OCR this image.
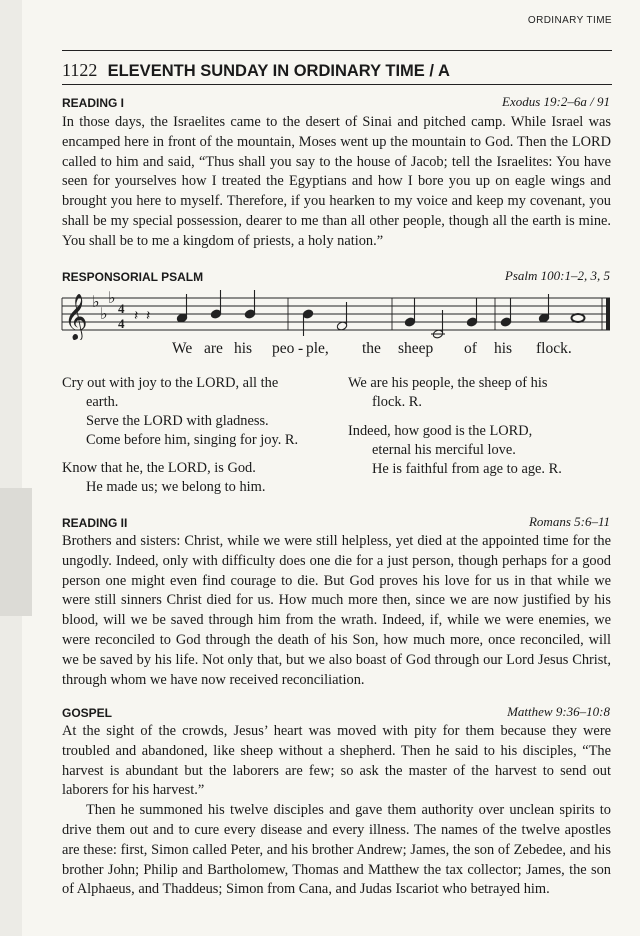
ORDINARY TIME
1122 ELEVENTH SUNDAY IN ORDINARY TIME / A
READING I	Exodus 19:2–6a / 91

In those days, the Israelites came to the desert of Sinai and pitched camp. While Israel was encamped here in front of the mountain, Moses went up the mountain to God. Then the LORD called to him and said, “Thus shall you say to the house of Jacob; tell the Israelites: You have seen for yourselves how I treated the Egyptians and how I bore you up on eagle wings and brought you here to myself. Therefore, if you hearken to my voice and keep my covenant, you shall be my special possession, dearer to me than all other people, though all the earth is mine. You shall be to me a kingdom of priests, a holy nation.”

RESPONSORIAL PSALM	Psalm 100:1–2, 3, 5
𝄞 ♭
♭
♭
4
4 𝄽 𝄽
We are his peo - ple, the sheep of his flock.
Cry out with joy to the LORD, all the
earth.
Serve the LORD with gladness.
Come before him, singing for joy. R.
Know that he, the LORD, is God.
He made us; we belong to him.
We are his people, the sheep of his
flock. R.
Indeed, how good is the LORD,
eternal his merciful love.
He is faithful from age to age. R.
READING II	Romans 5:6–11

Brothers and sisters: Christ, while we were still helpless, yet died at the appointed time for the ungodly. Indeed, only with difficulty does one die for a just person, though perhaps for a good person one might even find courage to die. But God proves his love for us in that while we were still sinners Christ died for us. How much more then, since we are now justified by his blood, will we be saved through him from the wrath. Indeed, if, while we were enemies, we were reconciled to God through the death of his Son, how much more, once reconciled, will we be saved by his life. Not only that, but we also boast of God through our Lord Jesus Christ, through whom we have now received reconciliation.

GOSPEL	Matthew 9:36–10:8

At the sight of the crowds, Jesus’ heart was moved with pity for them because they were troubled and abandoned, like sheep without a shepherd. Then he said to his disciples, “The harvest is abundant but the laborers are few; so ask the master of the harvest to send out laborers for his harvest.”

Then he summoned his twelve disciples and gave them authority over unclean spirits to drive them out and to cure every disease and every illness. The names of the twelve apostles are these: first, Simon called Peter, and his brother Andrew; James, the son of Zebedee, and his brother John; Philip and Bartholomew, Thomas and Matthew the tax collector; James, the son of Alphaeus, and Thaddeus; Simon from Cana, and Judas Iscariot who betrayed him.
